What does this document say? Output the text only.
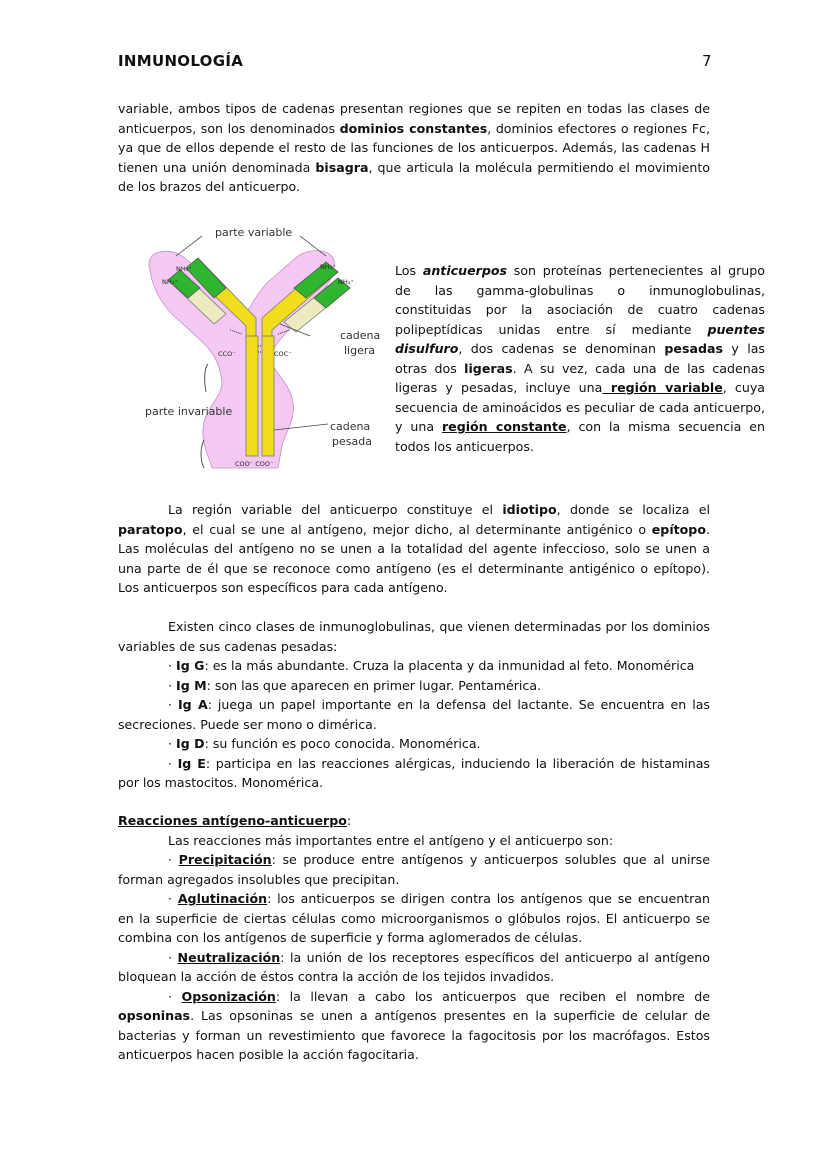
INMUNOLOGÍA	7

variable, ambos tipos de cadenas presentan regiones que se repiten en todas las clases de anticuerpos, son los denominados dominios constantes, dominios efectores o regiones Fc, ya que de ellos depende el resto de las funciones de los anticuerpos. Además, las cadenas H tienen una unión denominada bisagra, que articula la molécula permitiendo el movimiento de los brazos del anticuerpo.

parte variable
parte invariable
cadena
ligera
cadena
pesada
NH₃⁺
NH₃⁺
NH₃⁺
NH₃⁺
CCO⁻	COC⁻
COO⁻ COO⁻

Los anticuerpos son proteínas pertenecientes al grupo de las gamma-globulinas o inmunoglobulinas, constituidas por la asociación de cuatro cadenas polipeptídicas unidas entre sí mediante puentes disulfuro, dos cadenas se denominan pesadas y las otras dos ligeras. A su vez, cada una de las cadenas ligeras y pesadas, incluye una región variable, cuya secuencia de aminoácidos es peculiar de cada anticuerpo, y una región constante, con la misma secuencia en todos los anticuerpos.

La región variable del anticuerpo constituye el idiotipo, donde se localiza el paratopo, el cual se une al antígeno, mejor dicho, al determinante antigénico o epítopo. Las moléculas del antígeno no se unen a la totalidad del agente infeccioso, solo se unen a una parte de él que se reconoce como antígeno (es el determinante antigénico o epítopo). Los anticuerpos son específicos para cada antígeno.

Existen cinco clases de inmunoglobulinas, que vienen determinadas por los dominios variables de sus cadenas pesadas:

· Ig G: es la más abundante. Cruza la placenta y da inmunidad al feto. Monomérica

· Ig M: son las que aparecen en primer lugar. Pentamérica.

· Ig A: juega un papel importante en la defensa del lactante. Se encuentra en las secreciones. Puede ser mono o dimérica.

· Ig D: su función es poco conocida. Monomérica.

· Ig E: participa en las reacciones alérgicas, induciendo la liberación de histaminas por los mastocitos. Monomérica.

Reacciones antígeno-anticuerpo:

Las reacciones más importantes entre el antígeno y el anticuerpo son:

· Precipitación: se produce entre antígenos y anticuerpos solubles que al unirse forman agregados insolubles que precipitan.

· Aglutinación: los anticuerpos se dirigen contra los antígenos que se encuentran en la superficie de ciertas células como microorganismos o glóbulos rojos. El anticuerpo se combina con los antígenos de superficie y forma aglomerados de células.

· Neutralización: la unión de los receptores específicos del anticuerpo al antígeno bloquean la acción de éstos contra la acción de los tejidos invadidos.

· Opsonización: la llevan a cabo los anticuerpos que reciben el nombre de opsoninas. Las opsoninas se unen a antígenos presentes en la superficie de celular de bacterias y forman un revestimiento que favorece la fagocitosis por los macrófagos. Estos anticuerpos hacen posible la acción fagocitaria.
